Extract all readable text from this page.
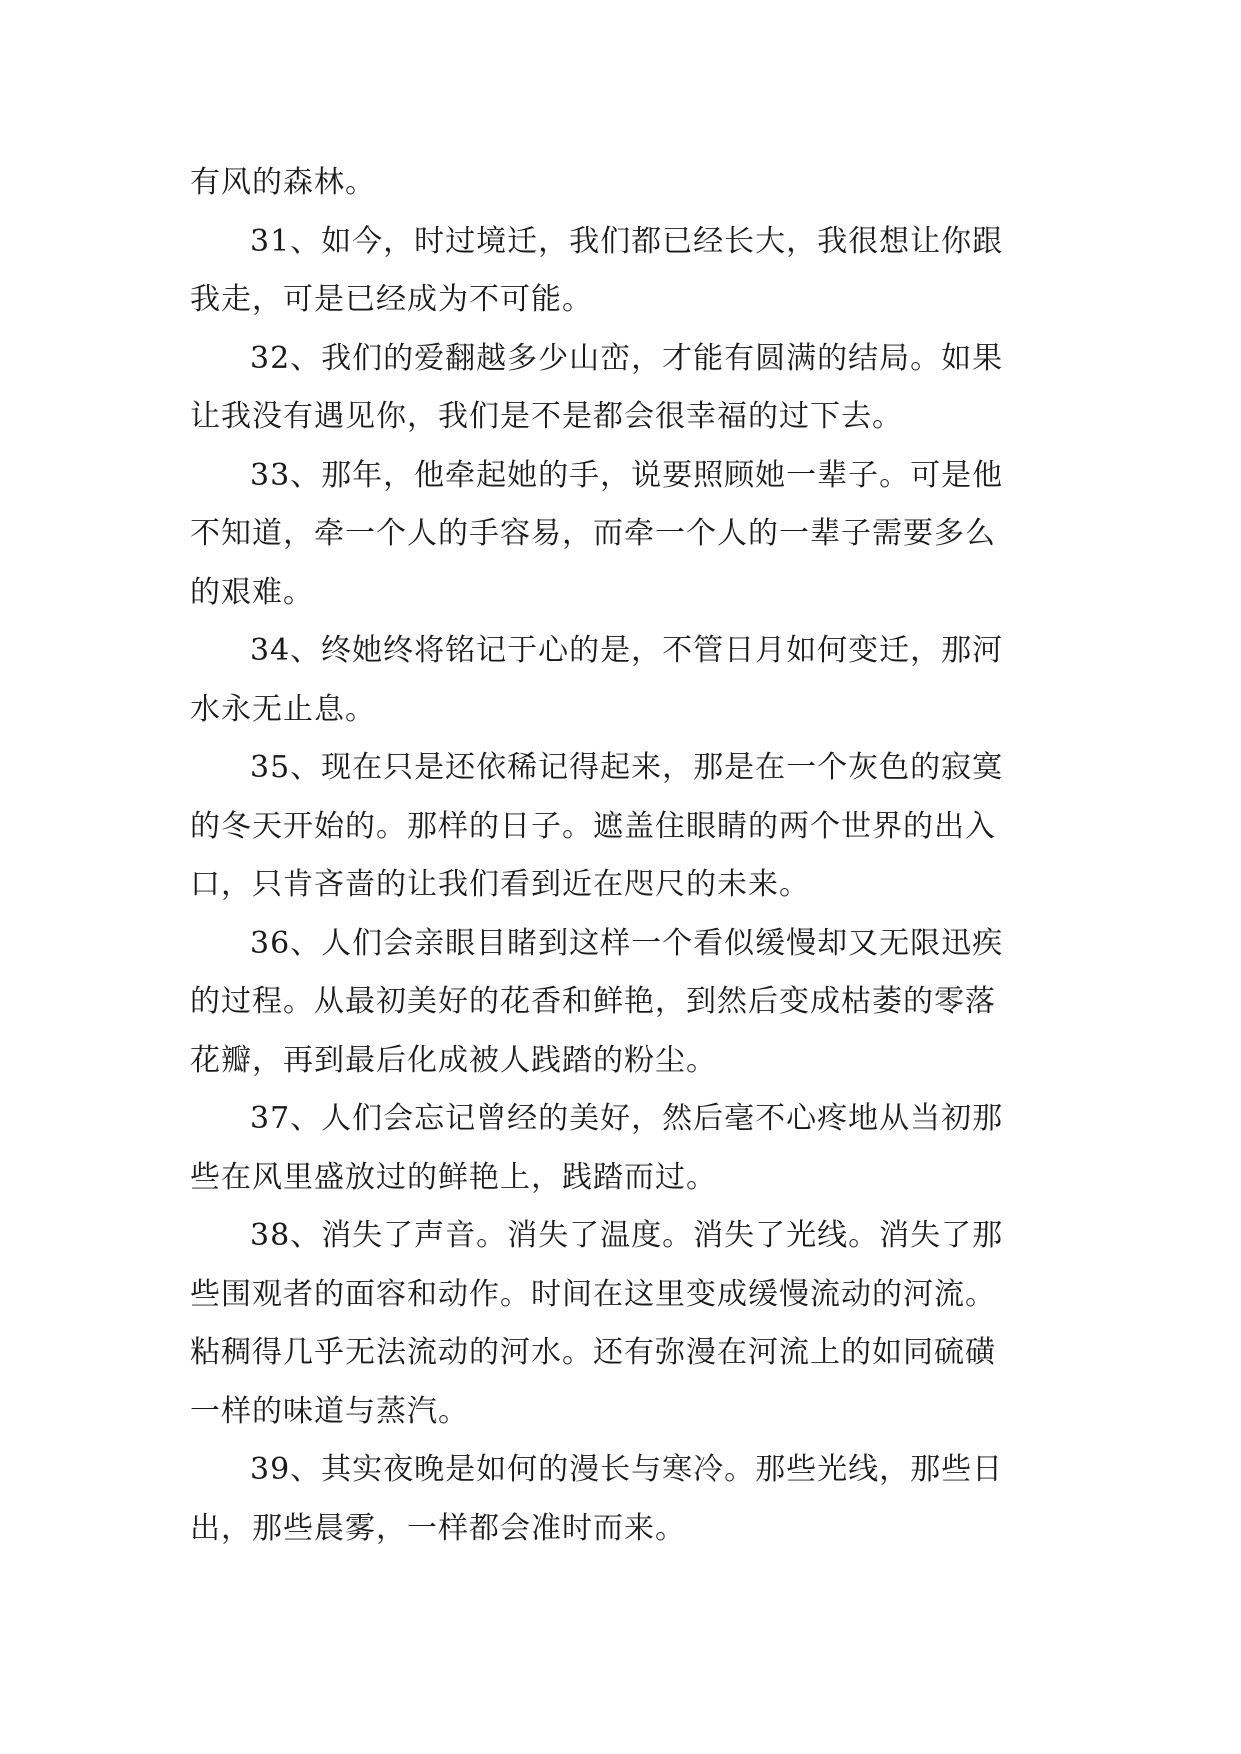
有风的森林。
31、如今，时过境迁，我们都已经长大，我很想让你跟
我走，可是已经成为不可能。
32、我们的爱翻越多少山峦，才能有圆满的结局。如果
让我没有遇见你，我们是不是都会很幸福的过下去。
33、那年，他牵起她的手，说要照顾她一辈子。可是他
不知道，牵一个人的手容易，而牵一个人的一辈子需要多么
的艰难。
34、终她终将铭记于心的是，不管日月如何变迁，那河
水永无止息。
35、现在只是还依稀记得起来，那是在一个灰色的寂寞
的冬天开始的。那样的日子。遮盖住眼睛的两个世界的出入
口，只肯吝啬的让我们看到近在咫尺的未来。
36、人们会亲眼目睹到这样一个看似缓慢却又无限迅疾
的过程。从最初美好的花香和鲜艳，到然后变成枯萎的零落
花瓣，再到最后化成被人践踏的粉尘。
37、人们会忘记曾经的美好，然后毫不心疼地从当初那
些在风里盛放过的鲜艳上，践踏而过。
38、消失了声音。消失了温度。消失了光线。消失了那
些围观者的面容和动作。时间在这里变成缓慢流动的河流。
粘稠得几乎无法流动的河水。还有弥漫在河流上的如同硫磺
一样的味道与蒸汽。
39、其实夜晚是如何的漫长与寒冷。那些光线，那些日
出，那些晨雾，一样都会准时而来。
